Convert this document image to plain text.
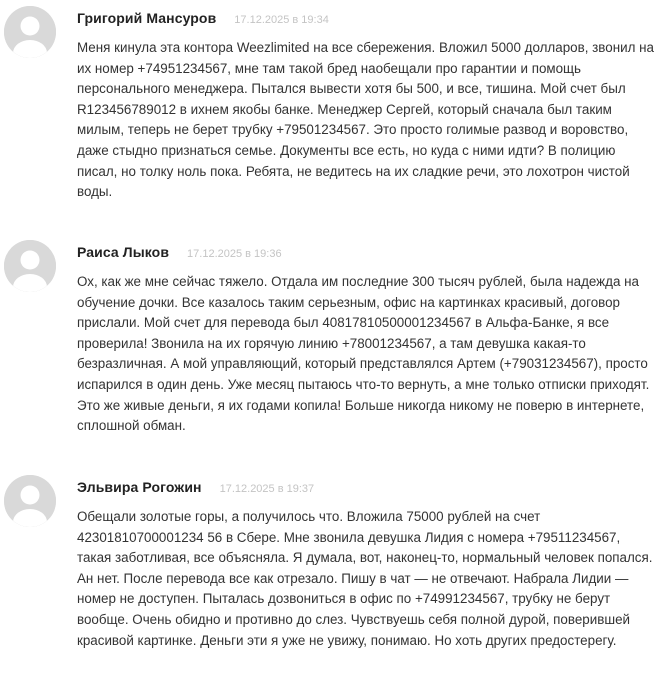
Григорий Мансуров 17.12.2025 в 19:34

Меня кинула эта контора Weezlimited на все сбережения. Вложил 5000 долларов, звонил на их номер +74951234567, мне там такой бред наобещали про гарантии и помощь персонального менеджера. Пытался вывести хотя бы 500, и все, тишина. Мой счет был R123456789012 в ихнем якобы банке. Менеджер Сергей, который сначала был таким милым, теперь не берет трубку +79501234567. Это просто голимые развод и воровство, даже стыдно признаться семье. Документы все есть, но куда с ними идти? В полицию писал, но толку ноль пока. Ребята, не ведитесь на их сладкие речи, это лохотрон чистой воды.

Раиса Лыков 17.12.2025 в 19:36

Ох, как же мне сейчас тяжело. Отдала им последние 300 тысяч рублей, была надежда на обучение дочки. Все казалось таким серьезным, офис на картинках красивый, договор прислали. Мой счет для перевода был 40817810500001234567 в Альфа-Банке, я все проверила! Звонила на их горячую линию +78001234567, а там девушка какая-то безразличная. А мой управляющий, который представлялся Артем (+79031234567), просто испарился в один день. Уже месяц пытаюсь что-то вернуть, а мне только отписки приходят. Это же живые деньги, я их годами копила! Больше никогда никому не поверю в интернете, сплошной обман.

Эльвира Рогожин 17.12.2025 в 19:37

Обещали золотые горы, а получилось что. Вложила 75000 рублей на счет 42301810700001234 56 в Сбере. Мне звонила девушка Лидия с номера +79511234567, такая заботливая, все объясняла. Я думала, вот, наконец-то, нормальный человек попался. Ан нет. После перевода все как отрезало. Пишу в чат — не отвечают. Набрала Лидии — номер не доступен. Пыталась дозвониться в офис по +74991234567, трубку не берут вообще. Очень обидно и противно до слез. Чувствуешь себя полной дурой, поверившей красивой картинке. Деньги эти я уже не увижу, понимаю. Но хоть других предостерегу.
